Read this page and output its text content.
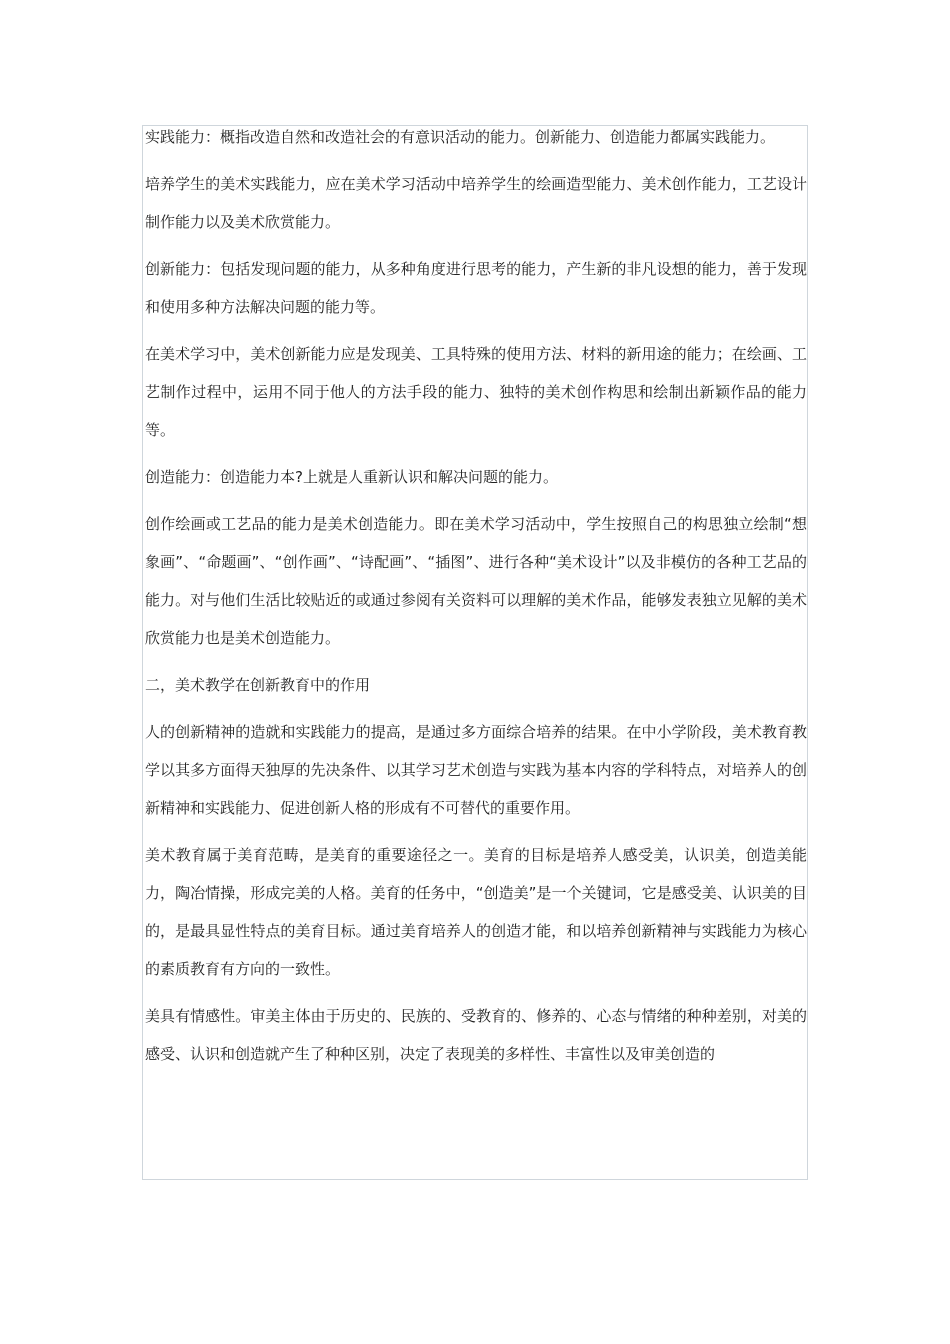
实践能力：概指改造自然和改造社会的有意识活动的能力。创新能力、创造能力都属实践能力。

培养学生的美术实践能力，应在美术学习活动中培养学生的绘画造型能力、美术创作能力，工艺设计制作能力以及美术欣赏能力。

创新能力：包括发现问题的能力，从多种角度进行思考的能力，产生新的非凡设想的能力，善于发现和使用多种方法解决问题的能力等。

在美术学习中，美术创新能力应是发现美、工具特殊的使用方法、材料的新用途的能力；在绘画、工艺制作过程中，运用不同于他人的方法手段的能力、独特的美术创作构思和绘制出新颖作品的能力等。

创造能力：创造能力本?上就是人重新认识和解决问题的能力。

创作绘画或工艺品的能力是美术创造能力。即在美术学习活动中，学生按照自己的构思独立绘制“想象画”、“命题画”、“创作画”、“诗配画”、“插图”、进行各种“美术设计”以及非模仿的各种工艺品的能力。对与他们生活比较贴近的或通过参阅有关资料可以理解的美术作品，能够发表独立见解的美术欣赏能力也是美术创造能力。

二，美术教学在创新教育中的作用

人的创新精神的造就和实践能力的提高，是通过多方面综合培养的结果。在中小学阶段，美术教育教学以其多方面得天独厚的先决条件、以其学习艺术创造与实践为基本内容的学科特点，对培养人的创新精神和实践能力、促进创新人格的形成有不可替代的重要作用。

美术教育属于美育范畴，是美育的重要途径之一。美育的目标是培养人感受美，认识美，创造美能力，陶冶情操，形成完美的人格。美育的任务中，“创造美”是一个关键词，它是感受美、认识美的目的，是最具显性特点的美育目标。通过美育培养人的创造才能，和以培养创新精神与实践能力为核心的素质教育有方向的一致性。

美具有情感性。审美主体由于历史的、民族的、受教育的、修养的、心态与情绪的种种差别，对美的感受、认识和创造就产生了种种区别，决定了表现美的多样性、丰富性以及审美创造的
